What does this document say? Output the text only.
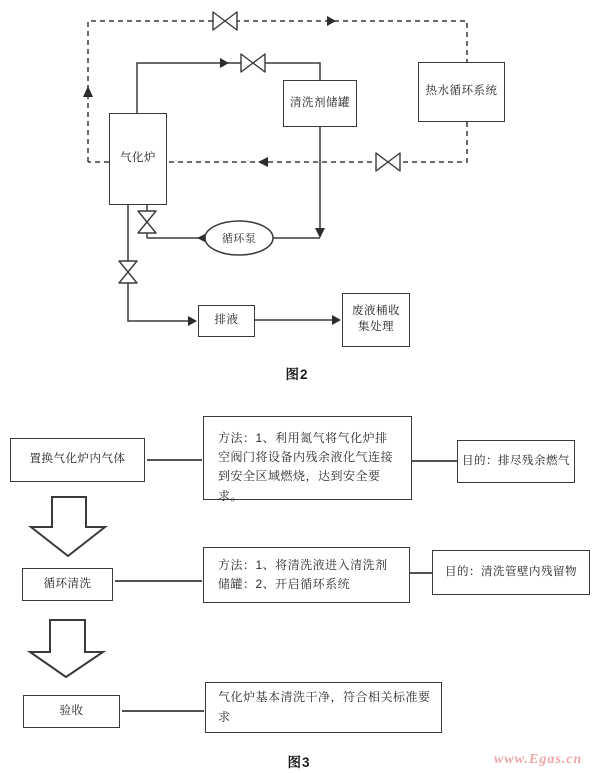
气化炉
清洗剂储罐
热水循环系统
循环泵
排液
废液桶收集处理
图2
置换气化炉内气体
方法：1、利用氮气将气化炉排空阀门将设备内残余液化气连接到安全区域燃烧，达到安全要求。
目的：排尽残余燃气
循环清洗
方法：1、将清洗液进入清洗剂储罐：2、开启循环系统
目的：清洗管壁内残留物
验收
气化炉基本清洗干净，符合相关标准要求
图3	www.Egas.cn
